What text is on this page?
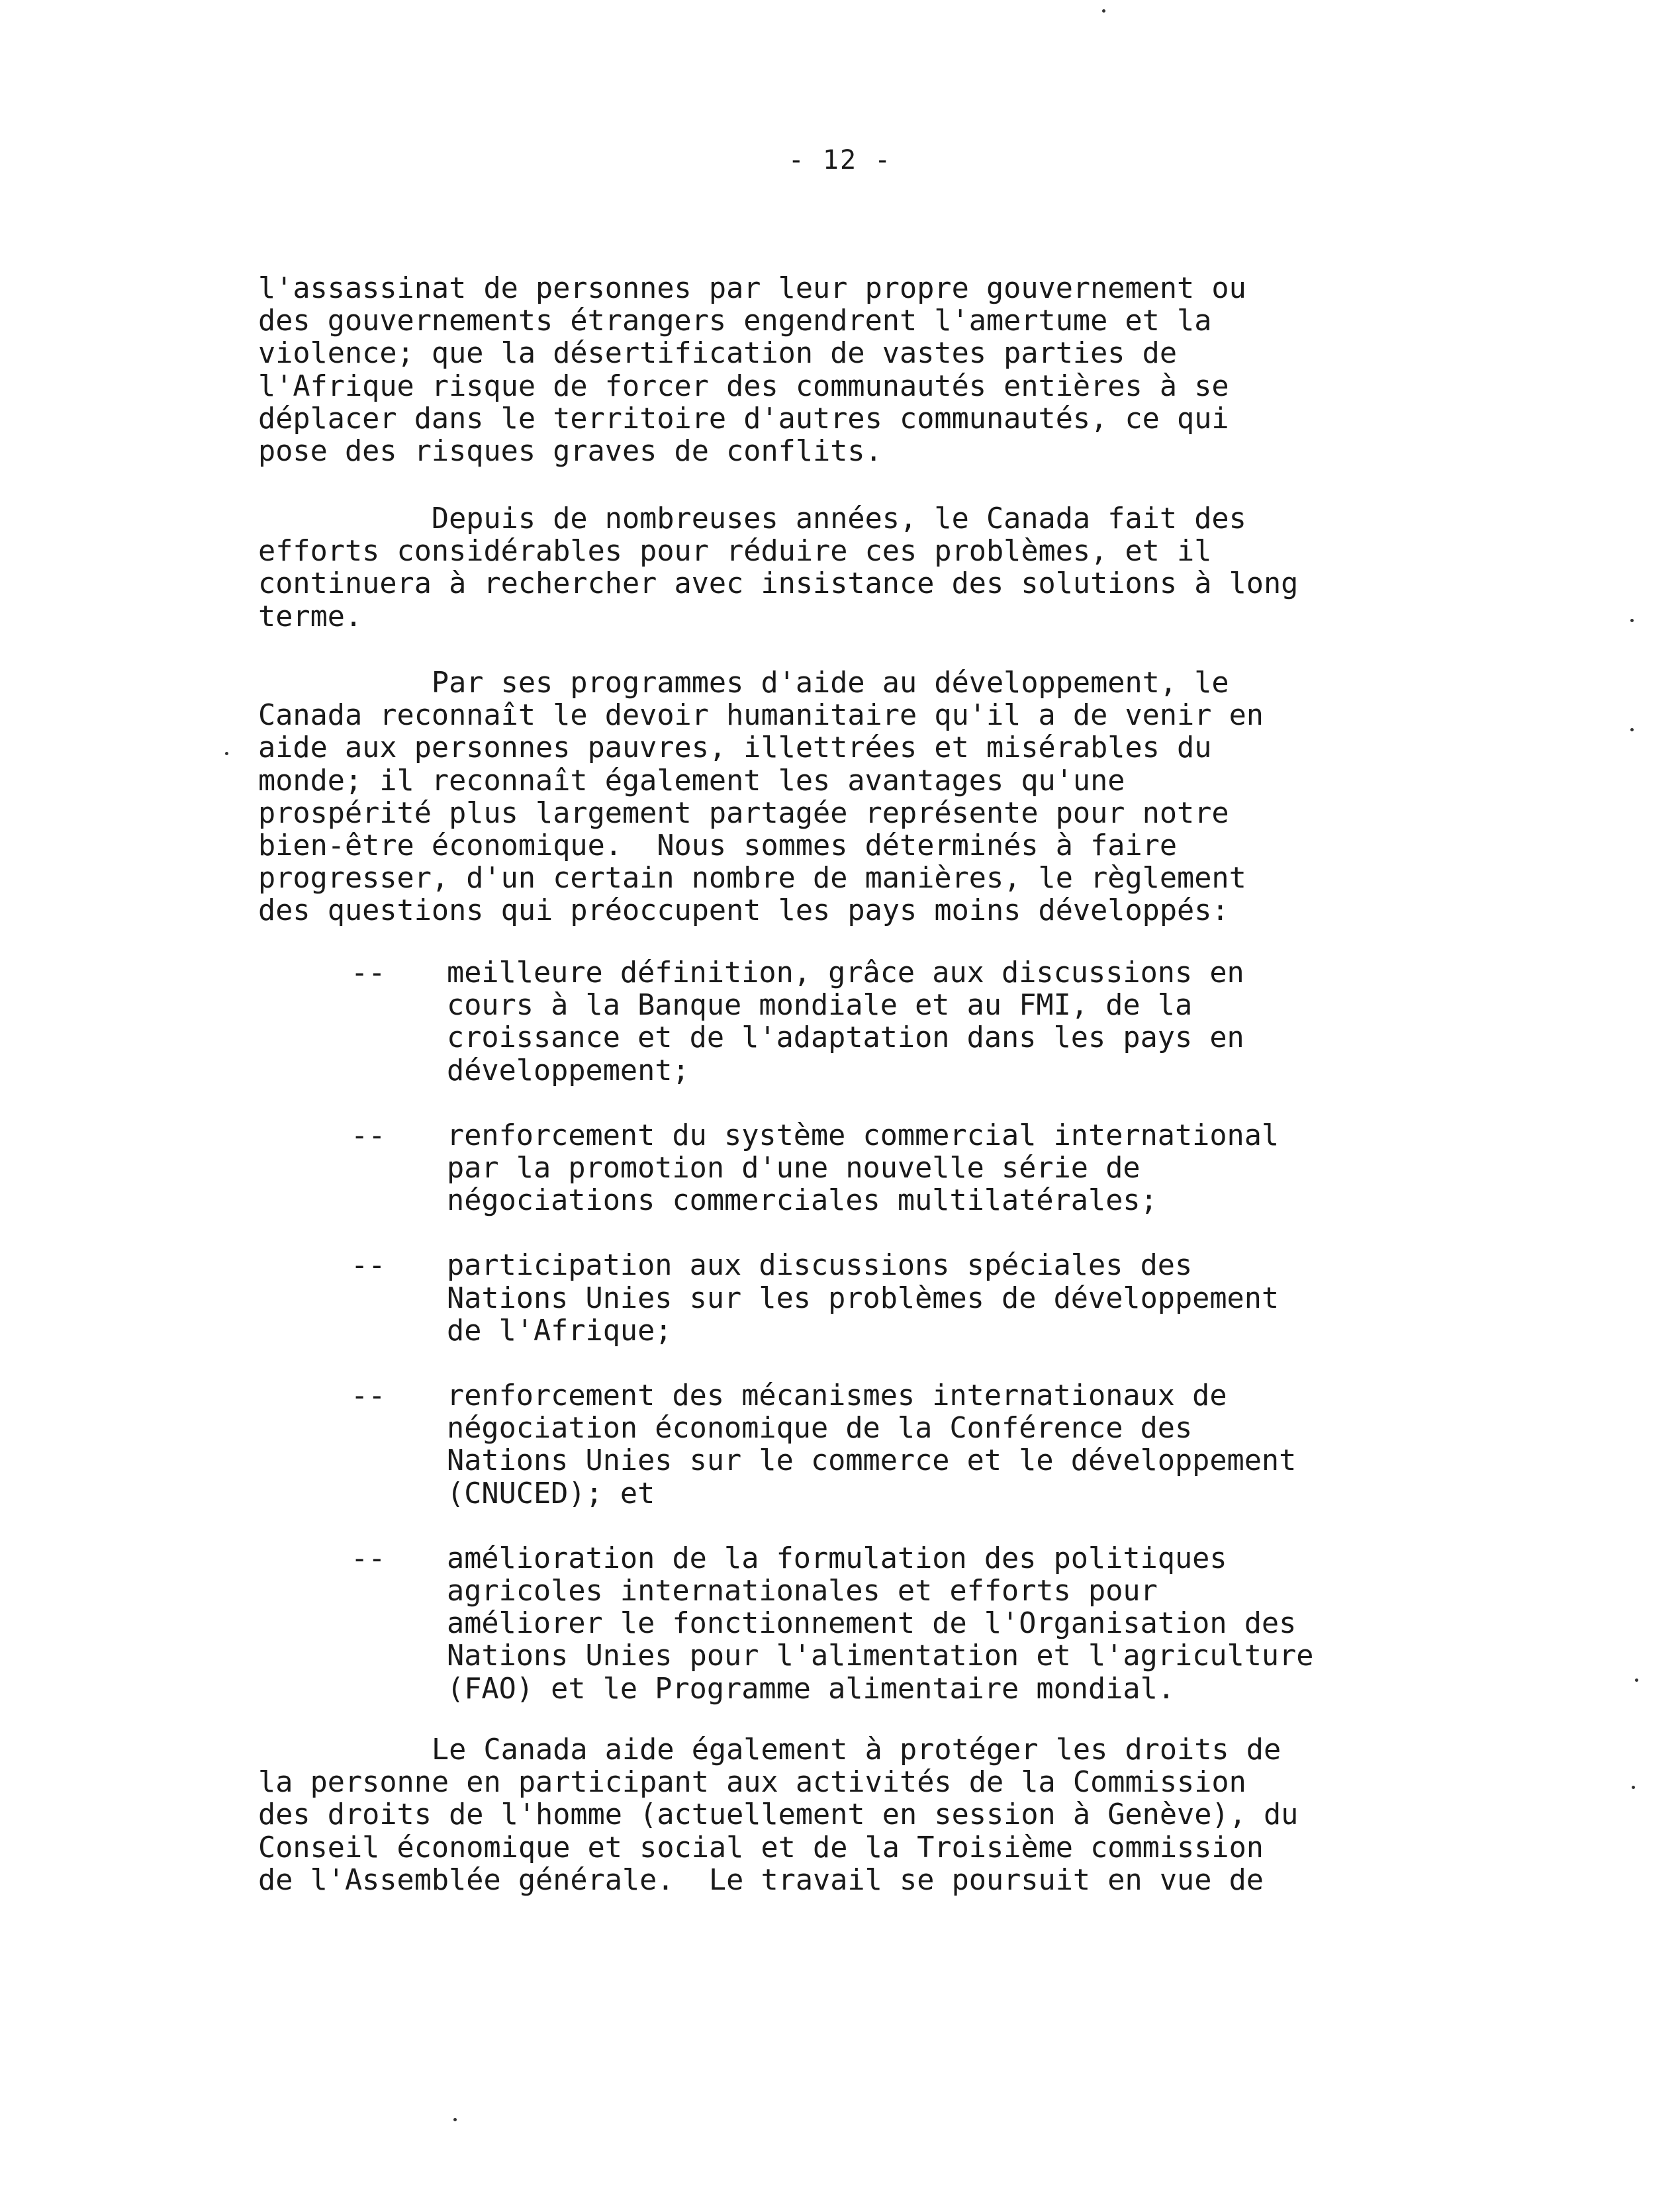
- 12 -

l'assassinat de personnes par leur propre gouvernement ou
des gouvernements étrangers engendrent l'amertume et la
violence; que la désertification de vastes parties de
l'Afrique risque de forcer des communautés entières à se
déplacer dans le territoire d'autres communautés, ce qui
pose des risques graves de conflits.

Depuis de nombreuses années, le Canada fait des
efforts considérables pour réduire ces problèmes, et il
continuera à rechercher avec insistance des solutions à long
terme.

Par ses programmes d'aide au développement, le
Canada reconnaît le devoir humanitaire qu'il a de venir en
aide aux personnes pauvres, illettrées et misérables du
monde; il reconnaît également les avantages qu'une
prospérité plus largement partagée représente pour notre
bien-être économique.  Nous sommes déterminés à faire
progresser, d'un certain nombre de manières, le règlement
des questions qui préoccupent les pays moins développés:

-- meilleure définition, grâce aux discussions en
cours à la Banque mondiale et au FMI, de la
croissance et de l'adaptation dans les pays en
développement;

-- renforcement du système commercial international
par la promotion d'une nouvelle série de
négociations commerciales multilatérales;

-- participation aux discussions spéciales des
Nations Unies sur les problèmes de développement
de l'Afrique;

-- renforcement des mécanismes internationaux de
négociation économique de la Conférence des
Nations Unies sur le commerce et le développement
(CNUCED); et

-- amélioration de la formulation des politiques
agricoles internationales et efforts pour
améliorer le fonctionnement de l'Organisation des
Nations Unies pour l'alimentation et l'agriculture
(FAO) et le Programme alimentaire mondial.

Le Canada aide également à protéger les droits de
la personne en participant aux activités de la Commission
des droits de l'homme (actuellement en session à Genève), du
Conseil économique et social et de la Troisième commission
de l'Assemblée générale.  Le travail se poursuit en vue de
